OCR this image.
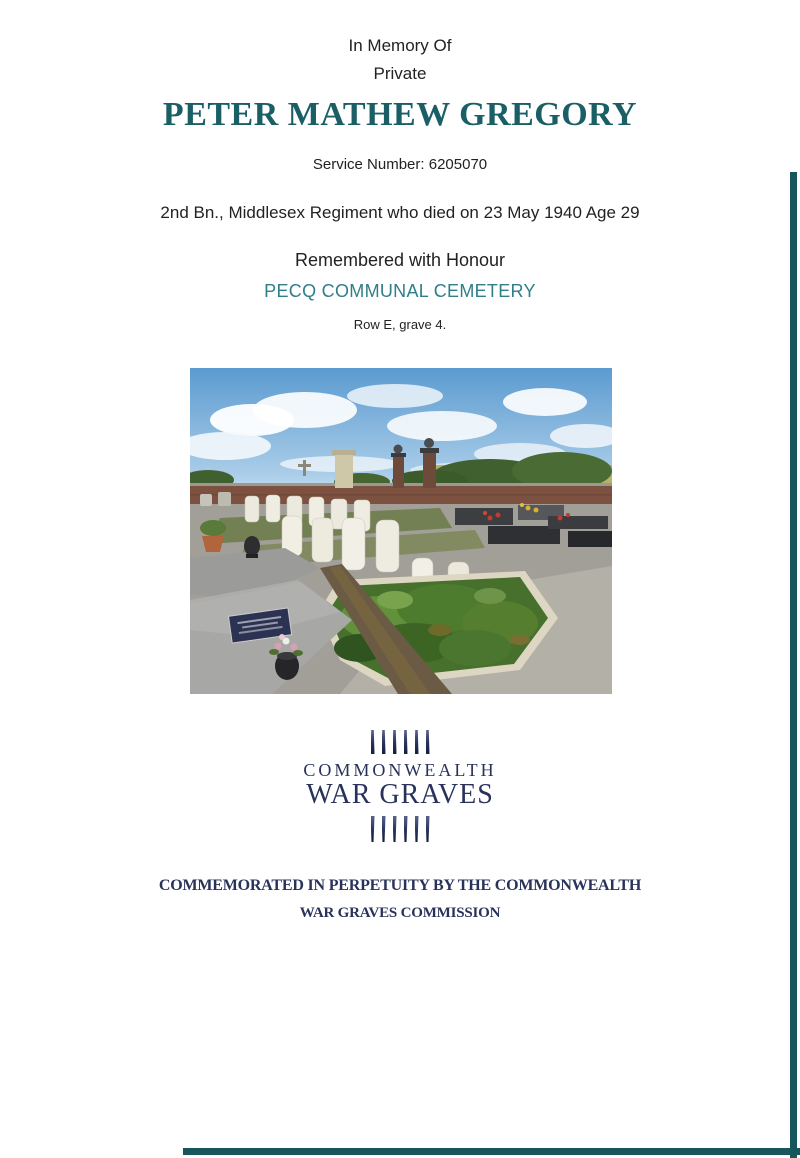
In Memory Of
Private
PETER MATHEW GREGORY
Service Number: 6205070
2nd Bn., Middlesex Regiment who died on 23 May 1940 Age 29
Remembered with Honour
PECQ COMMUNAL CEMETERY
Row E, grave 4.
COMMONWEALTH
WAR GRAVES
COMMEMORATED IN PERPETUITY BY THE COMMONWEALTH
WAR GRAVES COMMISSION
